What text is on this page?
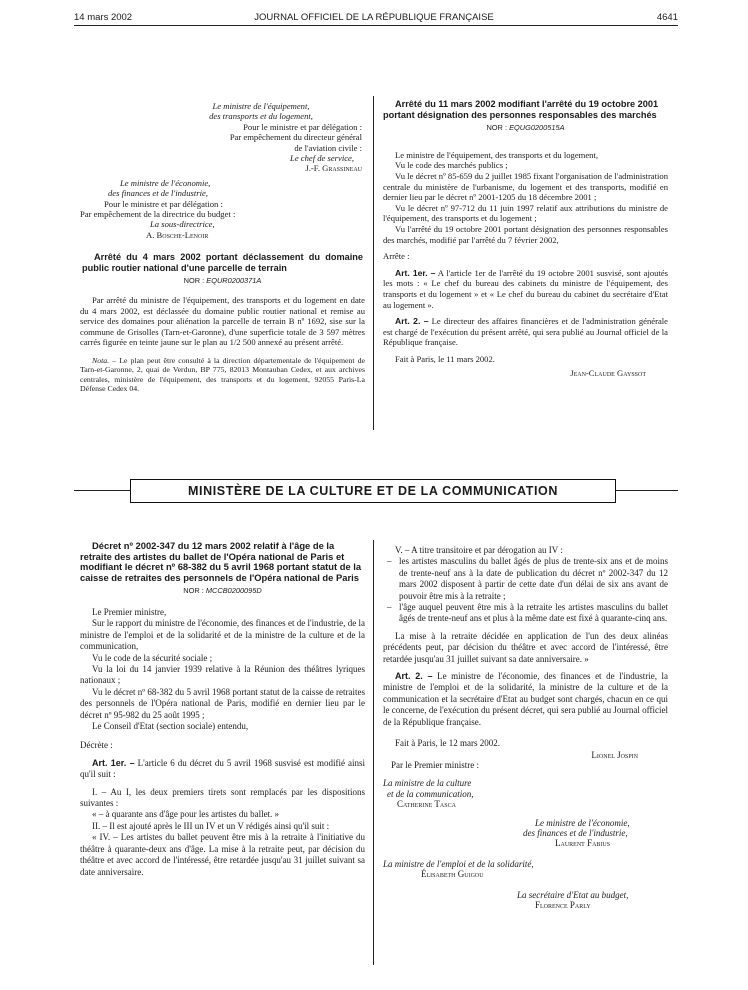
14 mars 2002	JOURNAL OFFICIEL DE LA RÉPUBLIQUE FRANÇAISE	4641
Le ministre de l'équipement,
des transports et du logement,
Pour le ministre et par délégation :
Par empêchement du directeur général
de l'aviation civile :
Le chef de service,
J.-F. Grassineau
Le ministre de l'économie,
des finances et de l'industrie,
Pour le ministre et par délégation :
Par empêchement de la directrice du budget :
La sous-directrice,
A. Bosche-Lenoir

Arrêté du 4 mars 2002 portant déclassement du domaine public routier national d'une parcelle de terrain

NOR : EQUR0200371A

Par arrêté du ministre de l'équipement, des transports et du logement en date du 4 mars 2002, est déclassée du domaine public routier national et remise au service des domaines pour aliénation la parcelle de terrain B nº 1692, sise sur la commune de Grisolles (Tarn-et-Garonne), d'une superficie totale de 3 597 mètres carrés figurée en teinte jaune sur le plan au 1/2 500 annexé au présent arrêté.

Nota. – Le plan peut être consulté à la direction départementale de l'équipement de Tarn-et-Garonne, 2, quai de Verdun, BP 775, 82013 Montauban Cedex, et aux archives centrales, ministère de l'équipement, des transports et du logement, 92055 Paris-La Défense Cedex 04.

Arrêté du 11 mars 2002 modifiant l'arrêté du 19 octobre 2001 portant désignation des personnes responsables des marchés

NOR : EQUG0200515A

Le ministre de l'équipement, des transports et du logement,

Vu le code des marchés publics ;

Vu le décret nº 85-659 du 2 juillet 1985 fixant l'organisation de l'administration centrale du ministère de l'urbanisme, du logement et des transports, modifié en dernier lieu par le décret nº 2001-1205 du 18 décembre 2001 ;

Vu le décret nº 97-712 du 11 juin 1997 relatif aux attributions du ministre de l'équipement, des transports et du logement ;

Vu l'arrêté du 19 octobre 2001 portant désignation des personnes responsables des marchés, modifié par l'arrêté du 7 février 2002,

Arrête :

Art. 1er. – A l'article 1er de l'arrêté du 19 octobre 2001 susvisé, sont ajoutés les mots : « Le chef du bureau des cabinets du ministre de l'équipement, des transports et du logement » et « Le chef du bureau du cabinet du secrétaire d'Etat au logement ».

Art. 2. – Le directeur des affaires financières et de l'administration générale est chargé de l'exécution du présent arrêté, qui sera publié au Journal officiel de la République française.

Fait à Paris, le 11 mars 2002.

Jean-Claude Gayssot
MINISTÈRE DE LA CULTURE ET DE LA COMMUNICATION

Décret nº 2002-347 du 12 mars 2002 relatif à l'âge de la retraite des artistes du ballet de l'Opéra national de Paris et modifiant le décret nº 68-382 du 5 avril 1968 portant statut de la caisse de retraites des personnels de l'Opéra national de Paris

NOR : MCCB0200095D

Le Premier ministre,

Sur le rapport du ministre de l'économie, des finances et de l'industrie, de la ministre de l'emploi et de la solidarité et de la ministre de la culture et de la communication,

Vu le code de la sécurité sociale ;

Vu la loi du 14 janvier 1939 relative à la Réunion des théâtres lyriques nationaux ;

Vu le décret nº 68-382 du 5 avril 1968 portant statut de la caisse de retraites des personnels de l'Opéra national de Paris, modifié en dernier lieu par le décret nº 95-982 du 25 août 1995 ;

Le Conseil d'Etat (section sociale) entendu,

Décrète :

Art. 1er. – L'article 6 du décret du 5 avril 1968 susvisé est modifié ainsi qu'il suit :

I. – Au I, les deux premiers tirets sont remplacés par les dispositions suivantes :

« – à quarante ans d'âge pour les artistes du ballet. »

II. – Il est ajouté après le III un IV et un V rédigés ainsi qu'il suit :

« IV. – Les artistes du ballet peuvent être mis à la retraite à l'initiative du théâtre à quarante-deux ans d'âge. La mise à la retraite peut, par décision du théâtre et avec accord de l'intéressé, être retardée jusqu'au 31 juillet suivant sa date anniversaire.

V. – A titre transitoire et par dérogation au IV :

– les artistes masculins du ballet âgés de plus de trente-six ans et de moins de trente-neuf ans à la date de publication du décret nº 2002-347 du 12 mars 2002 disposent à partir de cette date d'un délai de six ans avant de pouvoir être mis à la retraite ;
– l'âge auquel peuvent être mis à la retraite les artistes masculins du ballet âgés de trente-neuf ans et plus à la même date est fixé à quarante-cinq ans.

La mise à la retraite décidée en application de l'un des deux alinéas précédents peut, par décision du théâtre et avec accord de l'intéressé, être retardée jusqu'au 31 juillet suivant sa date anniversaire. »

Art. 2. – Le ministre de l'économie, des finances et de l'industrie, la ministre de l'emploi et de la solidarité, la ministre de la culture et de la communication et la secrétaire d'Etat au budget sont chargés, chacun en ce qui le concerne, de l'exécution du présent décret, qui sera publié au Journal officiel de la République française.

Fait à Paris, le 12 mars 2002.

Lionel Jospin
Par le Premier ministre :
La ministre de la culture
et de la communication,
Catherine Tasca
Le ministre de l'économie,
des finances et de l'industrie,
Laurent Fabius
La ministre de l'emploi et de la solidarité,
Élisabeth Guigou
La secrétaire d'Etat au budget,
Florence Parly
